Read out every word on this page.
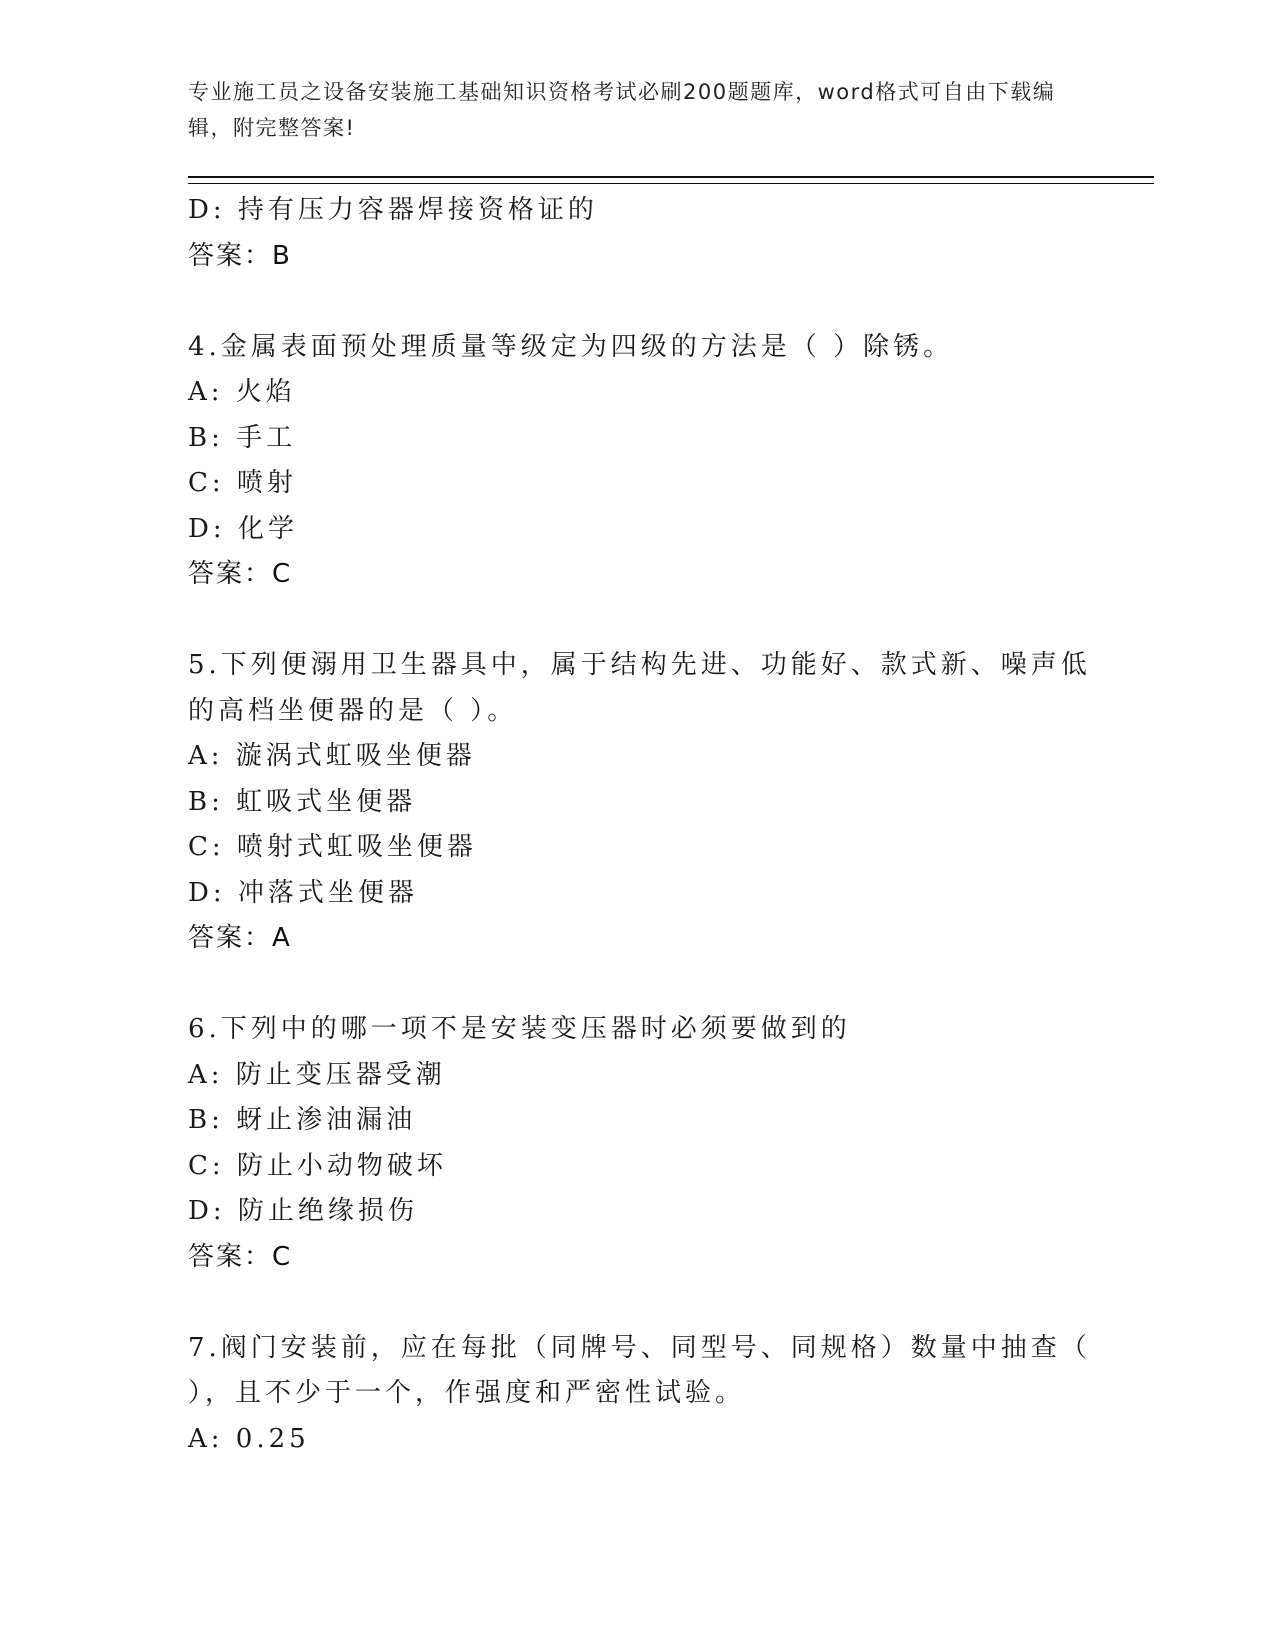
专业施工员之设备安装施工基础知识资格考试必刷200题题库，word格式可自由下载编辑，附完整答案!
D: 持有压力容器焊接资格证的
答案：B
4.金属表面预处理质量等级定为四级的方法是（ ）除锈。
A: 火焰
B: 手工
C: 喷射
D: 化学
答案：C
5.下列便溺用卫生器具中，属于结构先进、功能好、款式新、噪声低
的高档坐便器的是（ ）。
A: 漩涡式虹吸坐便器
B: 虹吸式坐便器
C: 喷射式虹吸坐便器
D: 冲落式坐便器
答案：A
6.下列中的哪一项不是安装变压器时必须要做到的
A: 防止变压器受潮
B: 蚜止渗油漏油
C: 防止小动物破坏
D: 防止绝缘损伤
答案：C
7.阀门安装前，应在每批（同牌号、同型号、同规格）数量中抽查（
），且不少于一个，作强度和严密性试验。
A: 0.25
